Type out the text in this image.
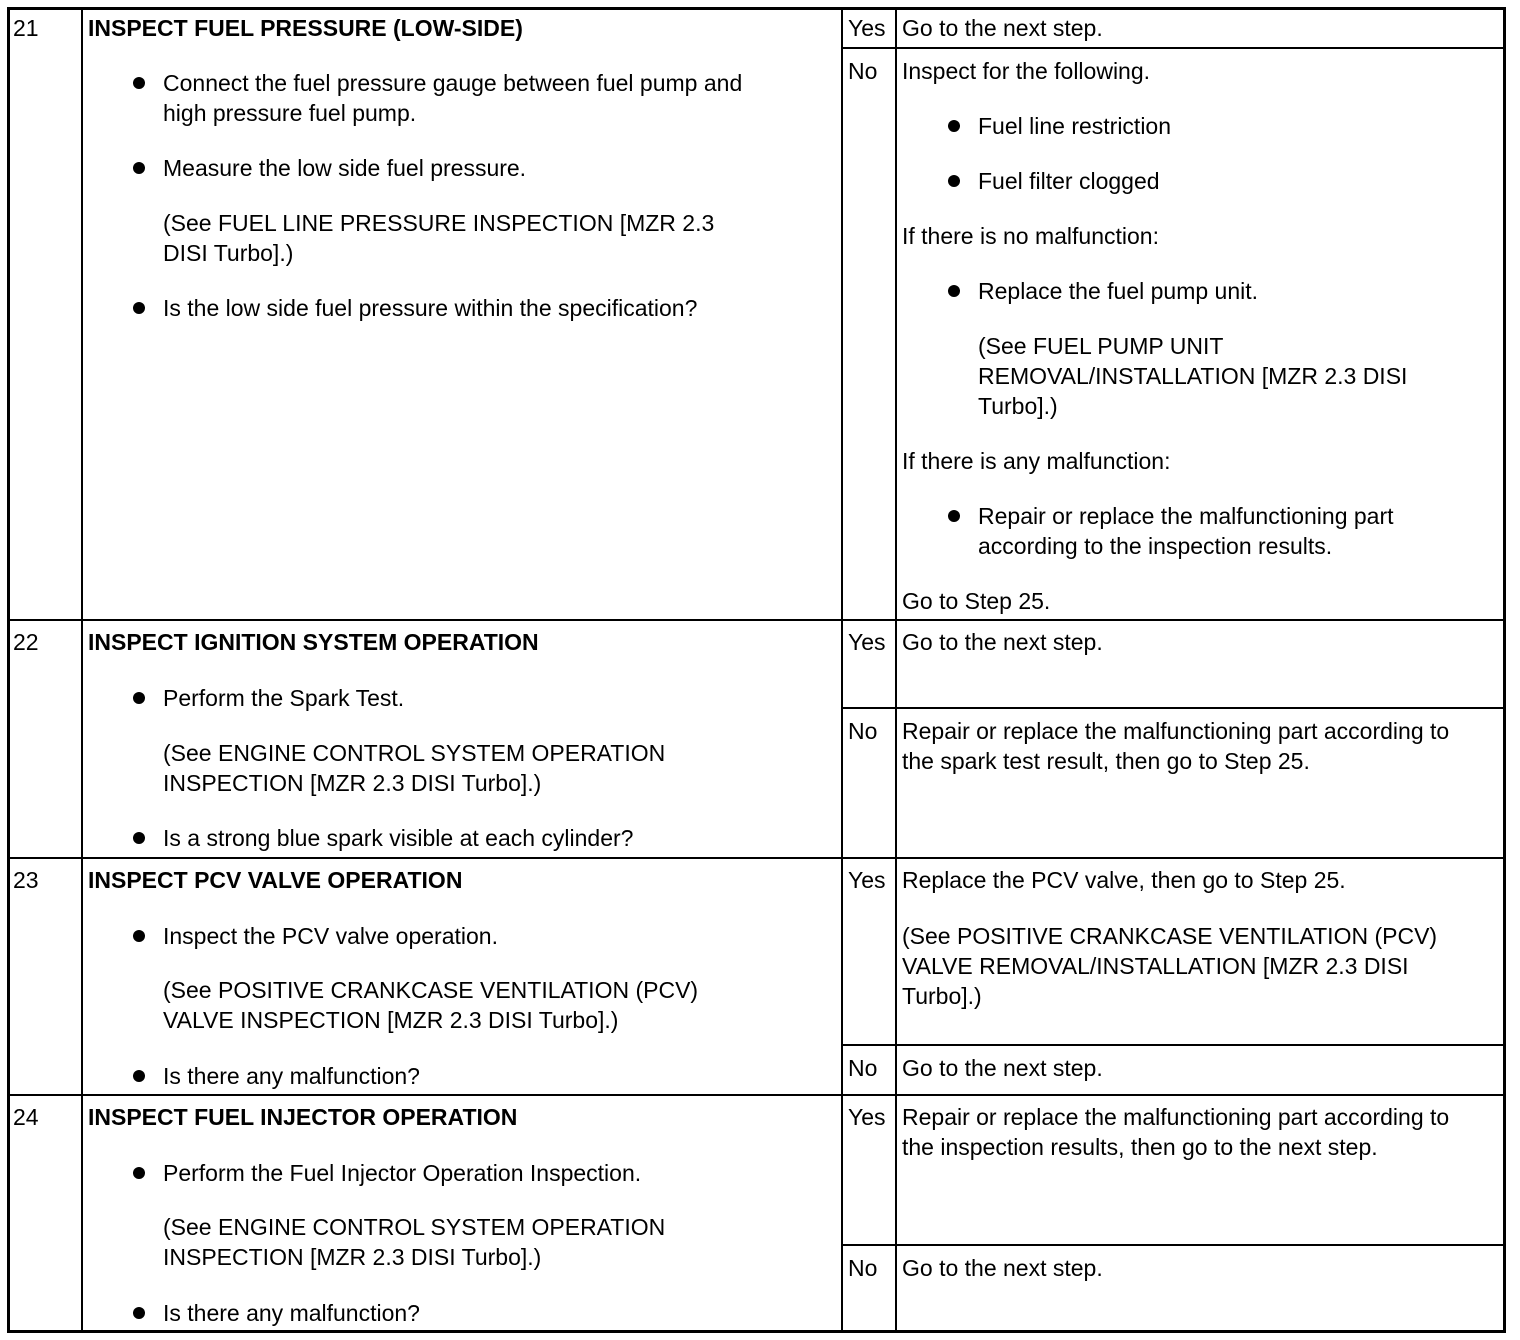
21 INSPECT FUEL PRESSURE (LOW-SIDE)
Connect the fuel pressure gauge between fuel pump and
high pressure fuel pump.
Measure the low side fuel pressure.
(See FUEL LINE PRESSURE INSPECTION [MZR 2.3
DISI Turbo].)
Is the low side fuel pressure within the specification?
Yes Go to the next step.
No Inspect for the following.
Fuel line restriction
Fuel filter clogged
If there is no malfunction:
Replace the fuel pump unit.
(See FUEL PUMP UNIT
REMOVAL/INSTALLATION [MZR 2.3 DISI
Turbo].)
If there is any malfunction:
Repair or replace the malfunctioning part
according to the inspection results.
Go to Step 25.
22 INSPECT IGNITION SYSTEM OPERATION
Perform the Spark Test.
(See ENGINE CONTROL SYSTEM OPERATION
INSPECTION [MZR 2.3 DISI Turbo].)
Is a strong blue spark visible at each cylinder?
Yes Go to the next step.
No Repair or replace the malfunctioning part according to
the spark test result, then go to Step 25.
23 INSPECT PCV VALVE OPERATION
Inspect the PCV valve operation.
(See POSITIVE CRANKCASE VENTILATION (PCV)
VALVE INSPECTION [MZR 2.3 DISI Turbo].)
Is there any malfunction?
Yes Replace the PCV valve, then go to Step 25.
(See POSITIVE CRANKCASE VENTILATION (PCV)
VALVE REMOVAL/INSTALLATION [MZR 2.3 DISI
Turbo].)
No Go to the next step.
24 INSPECT FUEL INJECTOR OPERATION
Perform the Fuel Injector Operation Inspection.
(See ENGINE CONTROL SYSTEM OPERATION
INSPECTION [MZR 2.3 DISI Turbo].)
Is there any malfunction?
Yes Repair or replace the malfunctioning part according to
the inspection results, then go to the next step.
No Go to the next step.
